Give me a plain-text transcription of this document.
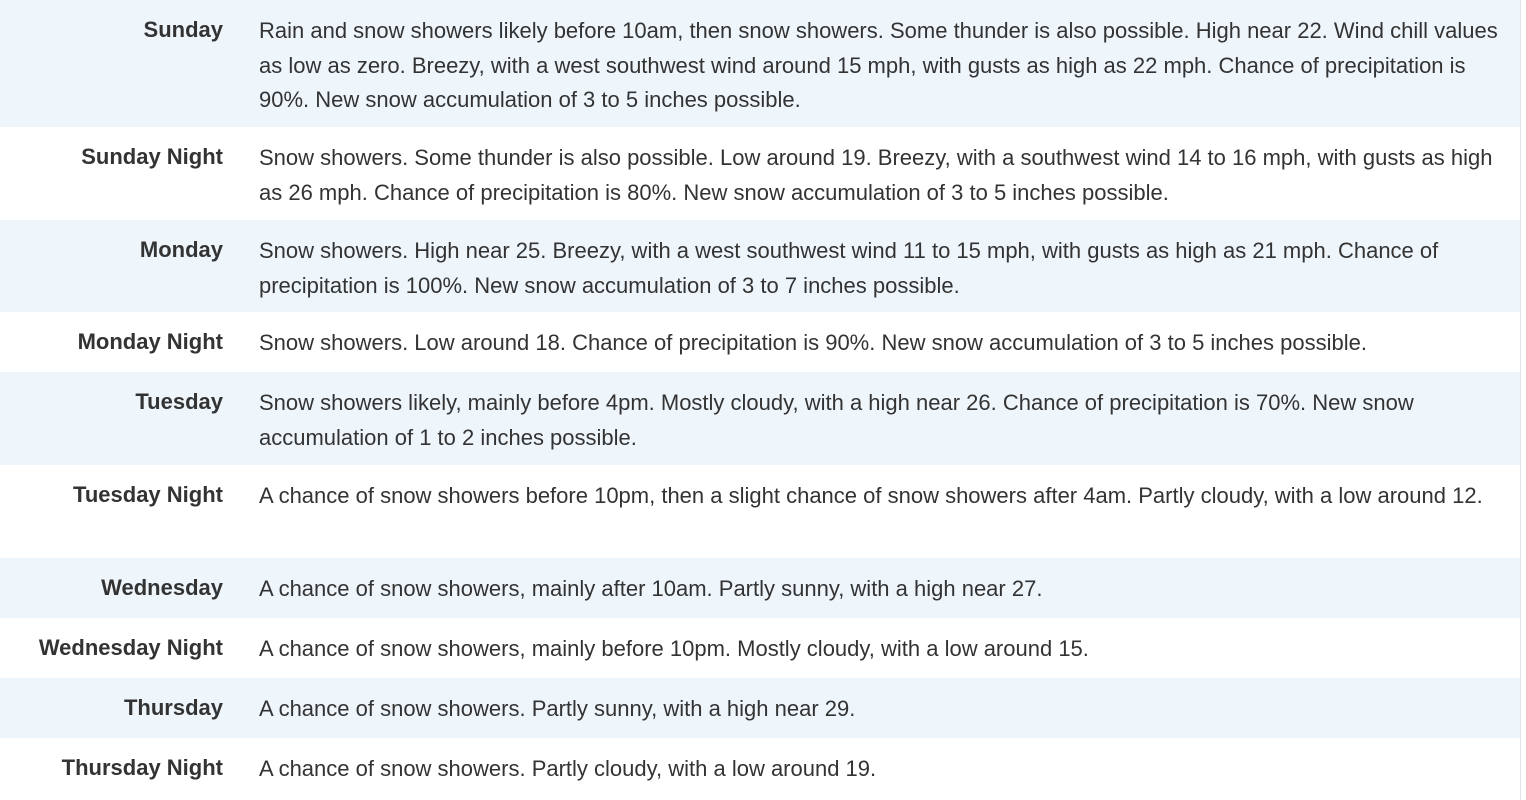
Sunday Rain and snow showers likely before 10am, then snow showers. Some thunder is also possible. High near 22. Wind chill values as low as zero. Breezy, with a west southwest wind around 15 mph, with gusts as high as 22 mph. Chance of precipitation is 90%. New snow accumulation of 3 to 5 inches possible.
Sunday Night Snow showers. Some thunder is also possible. Low around 19. Breezy, with a southwest wind 14 to 16 mph, with gusts as high as 26 mph. Chance of precipitation is 80%. New snow accumulation of 3 to 5 inches possible.
Monday Snow showers. High near 25. Breezy, with a west southwest wind 11 to 15 mph, with gusts as high as 21 mph. Chance of precipitation is 100%. New snow accumulation of 3 to 7 inches possible.
Monday Night Snow showers. Low around 18. Chance of precipitation is 90%. New snow accumulation of 3 to 5 inches possible.
Tuesday Snow showers likely, mainly before 4pm. Mostly cloudy, with a high near 26. Chance of precipitation is 70%. New snow accumulation of 1 to 2 inches possible.
Tuesday Night A chance of snow showers before 10pm, then a slight chance of snow showers after 4am. Partly cloudy, with a low around 12.
Wednesday A chance of snow showers, mainly after 10am. Partly sunny, with a high near 27.
Wednesday Night A chance of snow showers, mainly before 10pm. Mostly cloudy, with a low around 15.
Thursday A chance of snow showers. Partly sunny, with a high near 29.
Thursday Night A chance of snow showers. Partly cloudy, with a low around 19.
